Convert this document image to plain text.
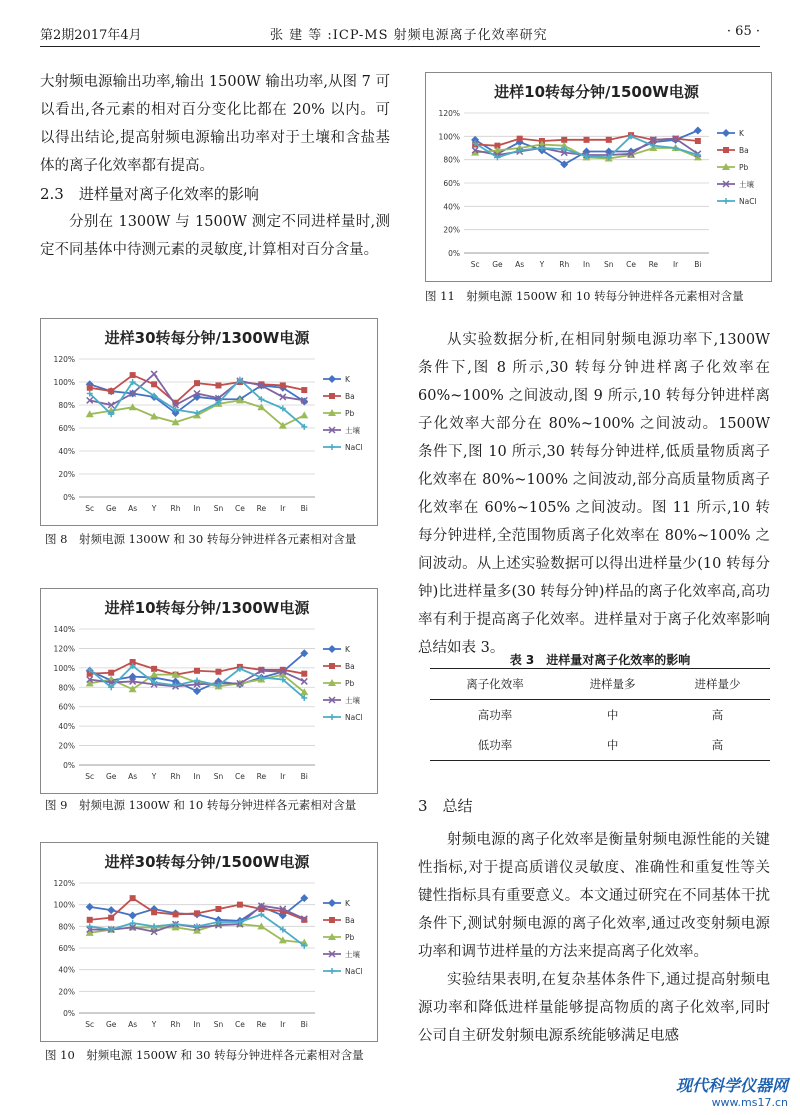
第2期2017年4月	张 建 等 :ICP-MS 射频电源离子化效率研究	· 65 ·

大射频电源输出功率,输出 1500W 输出功率,从图 7 可以看出,各元素的相对百分变化比都在 20% 以内。可以得出结论,提高射频电源输出功率对于土壤和含盐基体的离子化效率都有提高。

2.3　进样量对离子化效率的影响

分别在 1300W 与 1500W 测定不同进样量时,测定不同基体中待测元素的灵敏度,计算相对百分含量。

进样10转每分钟/1500W电源
0%
20%
40%
60%
80%
100%
120%
Sc Ge As Y Rh In Sn Ce Re Ir Bi
K
Ba
Pb
土壤
NaCl
进样30转每分钟/1300W电源
0%
20%
40%
60%
80%
100%
120%
Sc Ge As Y Rh In Sn Ce Re Ir Bi
K
Ba
Pb
土壤
NaCl
进样10转每分钟/1300W电源
0%
20%
40%
60%
80%
100%
120%
140%
Sc Ge As Y Rh In Sn Ce Re Ir Bi
K
Ba
Pb
土壤
NaCl
进样30转每分钟/1500W电源
0%
20%
40%
60%
80%
100%
120%
Sc Ge As Y Rh In Sn Ce Re Ir Bi
K
Ba
Pb
土壤
NaCl
图 11　射频电源 1500W 和 10 转每分钟进样各元素相对含量
图 8　射频电源 1300W 和 30 转每分钟进样各元素相对含量
图 9　射频电源 1300W 和 10 转每分钟进样各元素相对含量
图 10　射频电源 1500W 和 30 转每分钟进样各元素相对含量

从实验数据分析,在相同射频电源功率下,1300W 条件下,图 8 所示,30 转每分钟进样离子化效率在 60%~100% 之间波动,图 9 所示,10 转每分钟进样离子化效率大部分在 80%~100% 之间波动。1500W 条件下,图 10 所示,30 转每分钟进样,低质量物质离子化效率在 80%~100% 之间波动,部分高质量物质离子化效率在 60%~105% 之间波动。图 11 所示,10 转每分钟进样,全范围物质离子化效率在 80%~100% 之间波动。从上述实验数据可以得出进样量少(10 转每分钟)比进样量多(30 转每分钟)样品的离子化效率高,高功率有利于提高离子化效率。进样量对于离子化效率影响总结如表 3。

表 3　进样量对离子化效率的影响
离子化效率	进样量多	进样量少
高功率	中	高
低功率	中	高

3　总结

射频电源的离子化效率是衡量射频电源性能的关键性指标,对于提高质谱仪灵敏度、准确性和重复性等关键性指标具有重要意义。本文通过研究在不同基体干扰条件下,测试射频电源的离子化效率,通过改变射频电源功率和调节进样量的方法来提高离子化效率。

实验结果表明,在复杂基体条件下,通过提高射频电源功率和降低进样量能够提高物质的离子化效率,同时公司自主研发射频电源系统能够满足电感

现代科学仪器网
www.ms17.cn
